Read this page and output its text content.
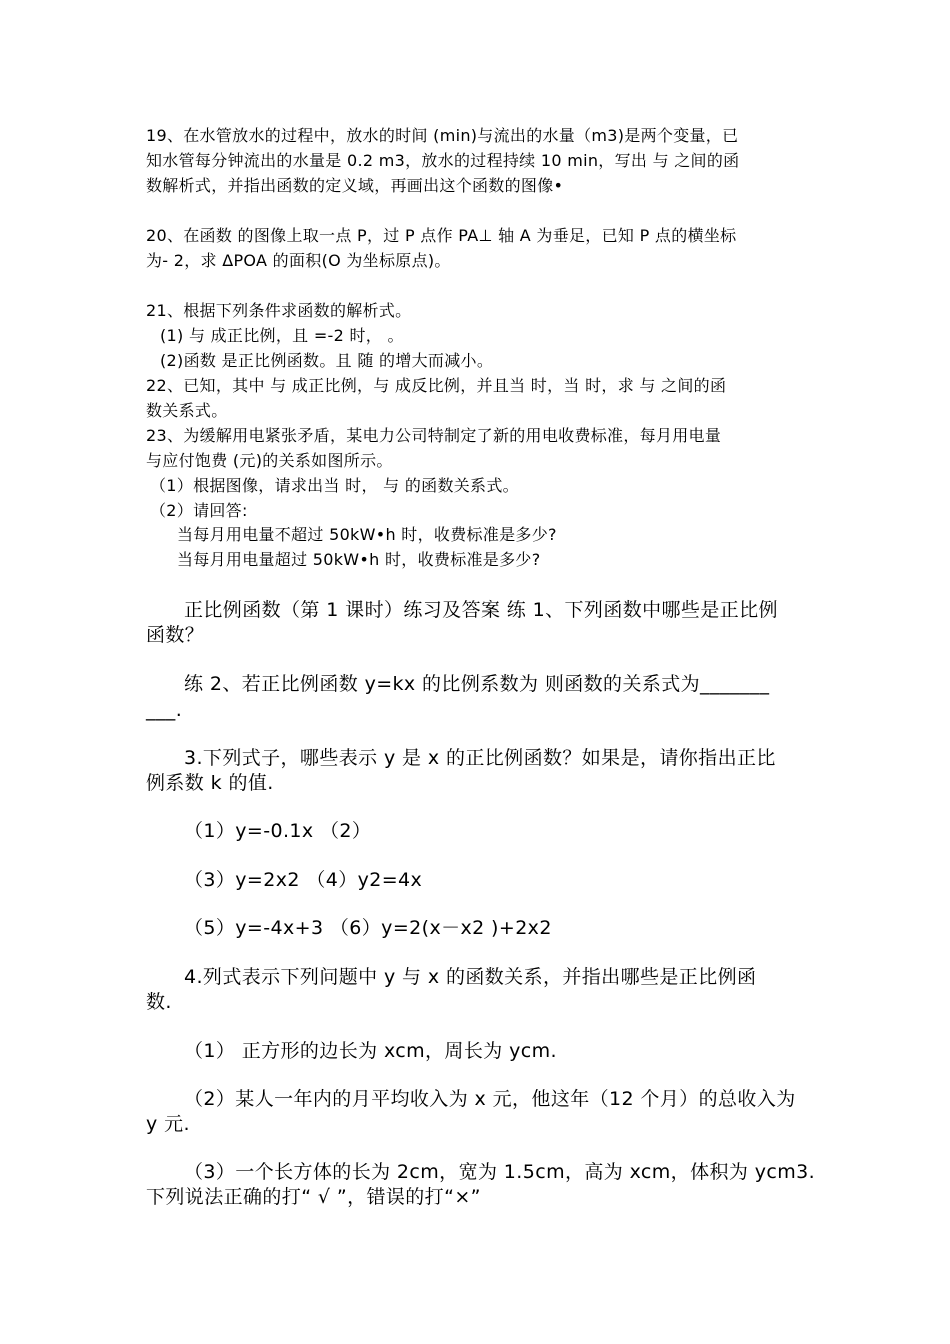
19、在水管放水的过程中，放水的时间 (min)与流出的水量（m3)是两个变量，已
知水管每分钟流出的水量是 0.2 m3，放水的过程持续 10 min，写出 与 之间的函
数解析式，并指出函数的定义域，再画出这个函数的图像•
20、在函数 的图像上取一点 P，过 P 点作 PA⊥ 轴 A 为垂足，已知 P 点的横坐标
为- 2，求 ΔPOA 的面积(O 为坐标原点)。
21、根据下列条件求函数的解析式。
(1) 与 成正比例，且 =-2 时， 。
(2)函数 是正比例函数。且 随 的增大而减小。
22、已知，其中 与 成正比例，与 成反比例，并且当 时，当 时，求 与 之间的函
数关系式。
23、为缓解用电紧张矛盾，某电力公司特制定了新的用电收费标准，每月用电量
与应付饱费 (元)的关系如图所示。
（1）根据图像，请求出当 时， 与 的函数关系式。
（2）请回答:
当每月用电量不超过 50kW•h 时，收费标准是多少?
当每月用电量超过 50kW•h 时，收费标准是多少?
正比例函数（第 1 课时）练习及答案 练 1、下列函数中哪些是正比例
函数？
练 2、若正比例函数 y=kx 的比例系数为 则函数的关系式为_______
___.
3.下列式子，哪些表示 y 是 x 的正比例函数？如果是，请你指出正比
例系数 k 的值.
（1）y=-0.1x （2）
（3）y=2x2 （4）y2=4x
（5）y=-4x+3 （6）y=2(x－x2 )+2x2
4.列式表示下列问题中 y 与 x 的函数关系，并指出哪些是正比例函
数.
（1） 正方形的边长为 xcm，周长为 ycm.
（2）某人一年内的月平均收入为 x 元，他这年（12 个月）的总收入为
y 元.
（3）一个长方体的长为 2cm，宽为 1.5cm，高为 xcm，体积为 ycm3.
下列说法正确的打“ √ ”，错误的打“×”
